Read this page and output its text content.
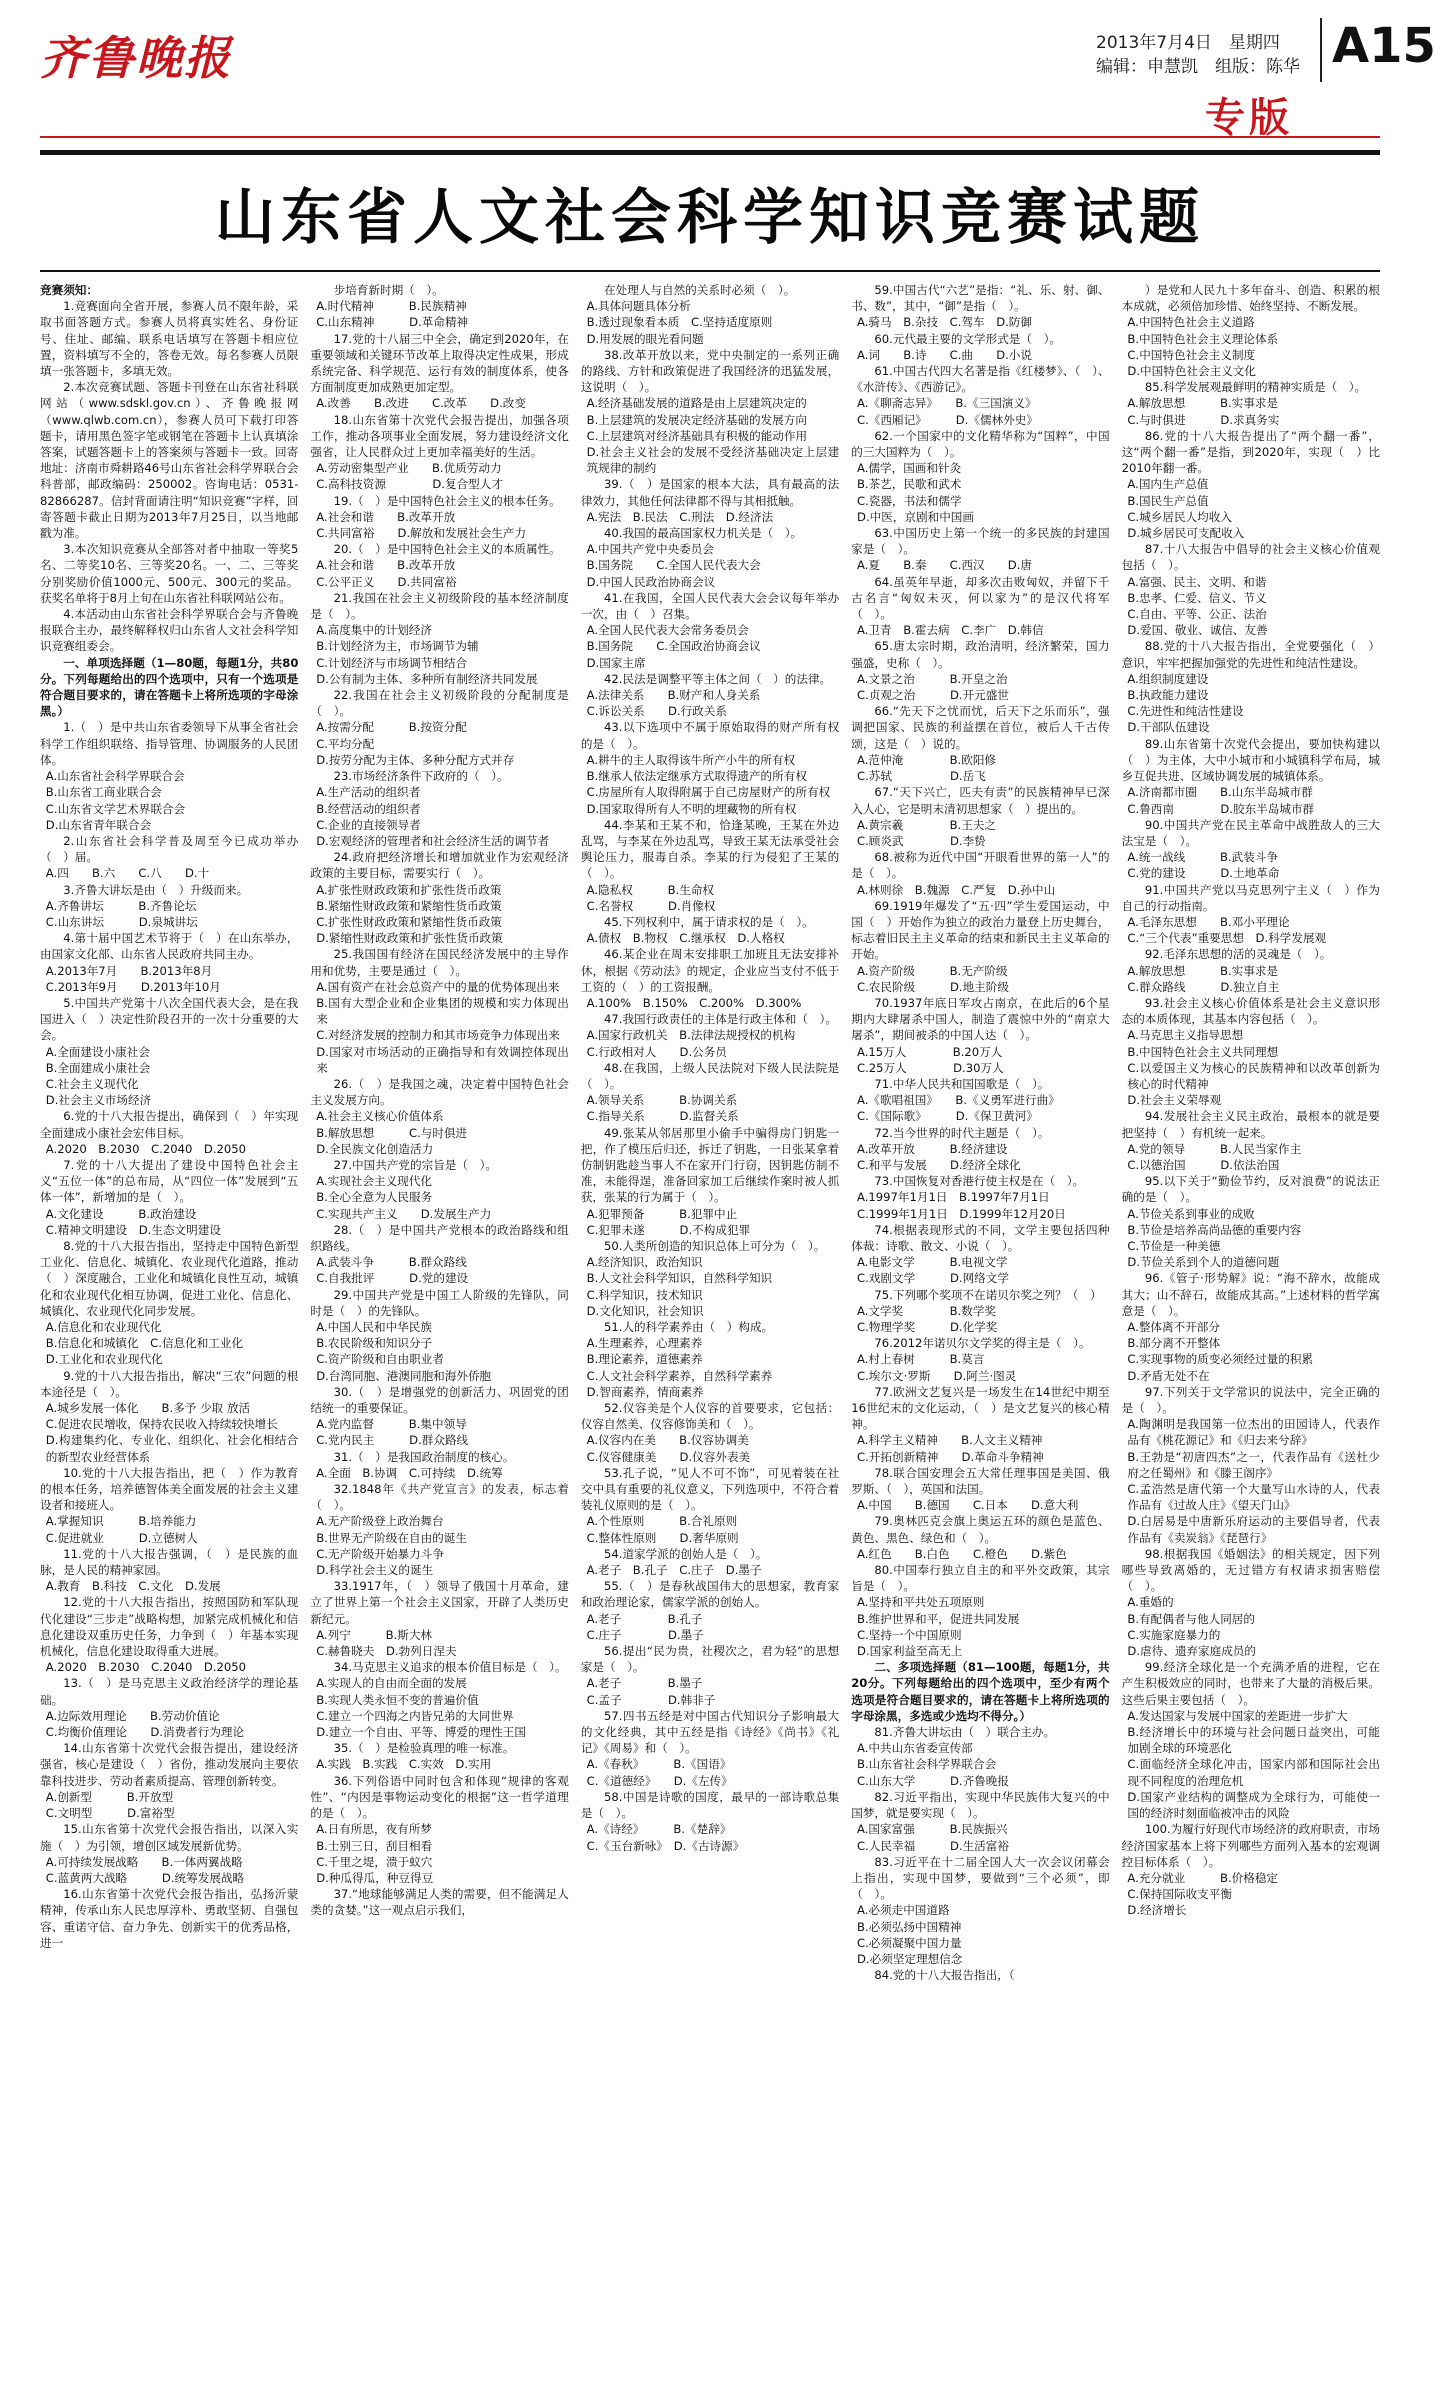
齐鲁晚报	2013年7月4日　星期四
编辑：申慧凯　组版：陈华 A15
专版
山东省人文社会科学知识竞赛试题

竞赛须知：

1.竞赛面向全省开展，参赛人员不限年龄，采取书面答题方式。参赛人员将真实姓名、身份证号、住址、邮编、联系电话填写在答题卡相应位置，资料填写不全的，答卷无效。每名参赛人员限填一张答题卡，多填无效。

2.本次竞赛试题、答题卡刊登在山东省社科联网站（www.sdskl.gov.cn）、齐鲁晚报网（www.qlwb.com.cn），参赛人员可下载打印答题卡，请用黑色签字笔或钢笔在答题卡上认真填涂答案，试题答题卡上的答案须与答题卡一致。回寄地址：济南市舜耕路46号山东省社会科学界联合会科普部，邮政编码：250002。咨询电话：0531-82866287。信封背面请注明“知识竞赛”字样，回寄答题卡截止日期为2013年7月25日，以当地邮戳为准。

3.本次知识竞赛从全部答对者中抽取一等奖5名、二等奖10名、三等奖20名。一、二、三等奖分别奖励价值1000元、500元、300元的奖品。获奖名单将于8月上旬在山东省社科联网站公布。

4.本活动由山东省社会科学界联合会与齐鲁晚报联合主办，最终解释权归山东省人文社会科学知识竞赛组委会。

一、单项选择题（1—80题，每题1分，共80分。下列每题给出的四个选项中，只有一个选项是符合题目要求的，请在答题卡上将所选项的字母涂黑。）

1.（　）是中共山东省委领导下从事全省社会科学工作组织联络、指导管理、协调服务的人民团体。

A.山东省社会科学界联合会

B.山东省工商业联合会

C.山东省文学艺术界联合会

D.山东省青年联合会

2.山东省社会科学普及周至今已成功举办（　）届。

A.四　　B.六　　C.八　　D.十

3.齐鲁大讲坛是由（　）升级而来。

A.齐鲁讲坛　　　B.齐鲁论坛

C.山东讲坛　　　D.泉城讲坛

4.第十届中国艺术节将于（　）在山东举办，由国家文化部、山东省人民政府共同主办。

A.2013年7月　　B.2013年8月

C.2013年9月　　D.2013年10月

5.中国共产党第十八次全国代表大会，是在我国进入（　）决定性阶段召开的一次十分重要的大会。

A.全面建设小康社会

B.全面建成小康社会

C.社会主义现代化

D.社会主义市场经济

6.党的十八大报告提出，确保到（　）年实现全面建成小康社会宏伟目标。

A.2020　B.2030　C.2040　D.2050

7.党的十八大提出了建设中国特色社会主义“五位一体”的总布局，从“四位一体”发展到“五体一体”，新增加的是（　）。

A.文化建设　　　B.政治建设

C.精神文明建设　D.生态文明建设

8.党的十八大报告指出，坚持走中国特色新型工业化、信息化、城镇化、农业现代化道路，推动（　）深度融合，工业化和城镇化良性互动，城镇化和农业现代化相互协调，促进工业化、信息化、城镇化、农业现代化同步发展。

A.信息化和农业现代化

B.信息化和城镇化　C.信息化和工业化

D.工业化和农业现代化

9.党的十八大报告指出，解决“三农”问题的根本途径是（　）。

A.城乡发展一体化　　B.多予 少取 放活

C.促进农民增收，保持农民收入持续较快增长

D.构建集约化、专业化、组织化、社会化相结合的新型农业经营体系

10.党的十八大报告指出，把（　）作为教育的根本任务，培养德智体美全面发展的社会主义建设者和接班人。

A.掌握知识　　　B.培养能力

C.促进就业　　　D.立德树人

11.党的十八大报告强调，（　）是民族的血脉，是人民的精神家园。

A.教育　B.科技　C.文化　D.发展

12.党的十八大报告指出，按照国防和军队现代化建设“三步走”战略构想，加紧完成机械化和信息化建设双重历史任务，力争到（　）年基本实现机械化，信息化建设取得重大进展。

A.2020　B.2030　C.2040　D.2050

13.（　）是马克思主义政治经济学的理论基础。

A.边际效用理论　　B.劳动价值论

C.均衡价值理论　　D.消费者行为理论

14.山东省第十次党代会报告提出，建设经济强省，核心是建设（　）省份，推动发展向主要依靠科技进步、劳动者素质提高、管理创新转变。

A.创新型　　　B.开放型

C.文明型　　　D.富裕型

15.山东省第十次党代会报告指出，以深入实施（　）为引领，增创区域发展新优势。

A.可持续发展战略　　B.一体两翼战略

C.蓝黄两大战略　　　D.统筹发展战略

16.山东省第十次党代会报告指出，弘扬沂蒙精神，传承山东人民忠厚淳朴、勇敢坚韧、自强包容、重诺守信、奋力争先、创新实干的优秀品格，进一

步培育新时期（　）。

A.时代精神　　　B.民族精神

C.山东精神　　　D.革命精神

17.党的十八届三中全会，确定到2020年，在重要领域和关键环节改革上取得决定性成果，形成系统完备、科学规范、运行有效的制度体系，使各方面制度更加成熟更加定型。

A.改善　　B.改进　　C.改革　　D.改变

18.山东省第十次党代会报告提出，加强各项工作，推动各项事业全面发展，努力建设经济文化强省，让人民群众过上更加幸福美好的生活。

A.劳动密集型产业　　B.优质劳动力

C.高科技资源　　　　D.复合型人才

19.（　）是中国特色社会主义的根本任务。

A.社会和谐　　B.改革开放

C.共同富裕　　D.解放和发展社会生产力

20.（　）是中国特色社会主义的本质属性。

A.社会和谐　　B.改革开放

C.公平正义　　D.共同富裕

21.我国在社会主义初级阶段的基本经济制度是（　）。

A.高度集中的计划经济

B.计划经济为主，市场调节为辅

C.计划经济与市场调节相结合

D.公有制为主体、多种所有制经济共同发展

22.我国在社会主义初级阶段的分配制度是（　）。

A.按需分配　　　B.按资分配

C.平均分配

D.按劳分配为主体、多种分配方式并存

23.市场经济条件下政府的（　）。

A.生产活动的组织者

B.经营活动的组织者

C.企业的直接领导者

D.宏观经济的管理者和社会经济生活的调节者

24.政府把经济增长和增加就业作为宏观经济政策的主要目标，需要实行（　）。

A.扩张性财政政策和扩张性货币政策

B.紧缩性财政政策和紧缩性货币政策

C.扩张性财政政策和紧缩性货币政策

D.紧缩性财政政策和扩张性货币政策

25.我国国有经济在国民经济发展中的主导作用和优势，主要是通过（　）。

A.国有资产在社会总资产中的量的优势体现出来

B.国有大型企业和企业集团的规模和实力体现出来

C.对经济发展的控制力和其市场竞争力体现出来

D.国家对市场活动的正确指导和有效调控体现出来

26.（　）是我国之魂，决定着中国特色社会主义发展方向。

A.社会主义核心价值体系

B.解放思想　　　C.与时俱进

D.全民族文化创造活力

27.中国共产党的宗旨是（　）。

A.实现社会主义现代化

B.全心全意为人民服务

C.实现共产主义　　D.发展生产力

28.（　）是中国共产党根本的政治路线和组织路线。

A.武装斗争　　　B.群众路线

C.自我批评　　　D.党的建设

29.中国共产党是中国工人阶级的先锋队，同时是（　）的先锋队。

A.中国人民和中华民族

B.农民阶级和知识分子

C.资产阶级和自由职业者

D.台湾同胞、港澳同胞和海外侨胞

30.（　）是增强党的创新活力、巩固党的团结统一的重要保证。

A.党内监督　　　B.集中领导

C.党内民主　　　D.群众路线

31.（　）是我国政治制度的核心。

A.全面　B.协调　C.可持续　D.统筹

32.1848年《共产党宣言》的发表，标志着（　）。

A.无产阶级登上政治舞台

B.世界无产阶级在自由的诞生

C.无产阶级开始暴力斗争

D.科学社会主义的诞生

33.1917年，（　）领导了俄国十月革命，建立了世界上第一个社会主义国家，开辟了人类历史新纪元。

A.列宁　　　B.斯大林

C.赫鲁晓夫　D.勃列日涅夫

34.马克思主义追求的根本价值目标是（　）。

A.实现人的自由而全面的发展

B.实现人类永恒不变的普遍价值

C.建立一个四海之内皆兄弟的大同世界

D.建立一个自由、平等、博爱的理性王国

35.（　）是检验真理的唯一标准。

A.实践　B.实践　C.实效　D.实用

36.下列俗语中同时包含和体现“规律的客观性”、“内因是事物运动变化的根据”这一哲学道理的是（　）。

A.日有所思，夜有所梦

B.士别三日，刮目相看

C.千里之堤，溃于蚁穴

D.种瓜得瓜，种豆得豆

37.“地球能够满足人类的需要，但不能满足人类的贪婪。”这一观点启示我们，

在处理人与自然的关系时必须（　）。

A.具体问题具体分析

B.透过现象看本质　C.坚持适度原则

D.用发展的眼光看问题

38.改革开放以来，党中央制定的一系列正确的路线、方针和政策促进了我国经济的迅猛发展，这说明（　）。

A.经济基础发展的道路是由上层建筑决定的

B.上层建筑的发展决定经济基础的发展方向

C.上层建筑对经济基础具有积极的能动作用

D.社会主义社会的发展不受经济基础决定上层建筑规律的制约

39.（　）是国家的根本大法，具有最高的法律效力，其他任何法律都不得与其相抵触。

A.宪法　B.民法　C.刑法　D.经济法

40.我国的最高国家权力机关是（　）。

A.中国共产党中央委员会

B.国务院　　C.全国人民代表大会

D.中国人民政治协商会议

41.在我国，全国人民代表大会会议每年举办一次，由（　）召集。

A.全国人民代表大会常务委员会

B.国务院　　C.全国政治协商会议

D.国家主席

42.民法是调整平等主体之间（　）的法律。

A.法律关系　　B.财产和人身关系

C.诉讼关系　　D.行政关系

43.以下选项中不属于原始取得的财产所有权的是（　）。

A.耕牛的主人取得该牛所产小牛的所有权

B.继承人依法定继承方式取得遗产的所有权

C.房屋所有人取得附属于自己房屋财产的所有权

D.国家取得所有人不明的埋藏物的所有权

44.李某和王某不和，恰逢某晚，王某在外边乱骂，与李某在外边乱骂，导致王某无法承受社会舆论压力，服毒自杀。李某的行为侵犯了王某的（　）。

A.隐私权　　　B.生命权

C.名誉权　　　D.肖像权

45.下列权利中，属于请求权的是（　）。

A.债权　B.物权　C.继承权　D.人格权

46.某企业在周末安排职工加班且无法安排补休，根据《劳动法》的规定，企业应当支付不低于工资的（　）的工资报酬。

A.100%　B.150%　C.200%　D.300%

47.我国行政责任的主体是行政主体和（　）。

A.国家行政机关　B.法律法规授权的机构

C.行政相对人　　D.公务员

48.在我国，上级人民法院对下级人民法院是（　）。

A.领导关系　　　B.协调关系

C.指导关系　　　D.监督关系

49.张某从邻居那里小偷手中骗得房门钥匙一把，作了模压后归还，拆迁了钥匙，一日张某拿着仿制钥匙趁当事人不在家开门行窃，因钥匙仿制不准，未能得逞，准备回家加工后继续作案时被人抓获，张某的行为属于（　）。

A.犯罪预备　　　B.犯罪中止

C.犯罪未遂　　　D.不构成犯罪

50.人类所创造的知识总体上可分为（　）。

A.经济知识，政治知识

B.人文社会科学知识，自然科学知识

C.科学知识，技术知识

D.文化知识，社会知识

51.人的科学素养由（　）构成。

A.生理素养，心理素养

B.理论素养，道德素养

C.人文社会科学素养，自然科学素养

D.智商素养，情商素养

52.仪容美是个人仪容的首要要求，它包括：仪容自然美、仪容修饰美和（　）。

A.仪容内在美　　B.仪容协调美

C.仪容健康美　　D.仪容外表美

53.孔子说，“见人不可不饰”，可见着装在社交中具有重要的礼仪意义，下列选项中，不符合着装礼仪原则的是（　）。

A.个性原则　　　B.合礼原则

C.整体性原则　　D.奢华原则

54.道家学派的创始人是（　）。

A.老子　B.孔子　C.庄子　D.墨子

55.（　）是春秋战国伟大的思想家，教育家和政治理论家，儒家学派的创始人。

A.老子　　　　B.孔子

C.庄子　　　　D.墨子

56.提出“民为贵，社稷次之，君为轻”的思想家是（　）。

A.老子　　　　B.墨子

C.孟子　　　　D.韩非子

57.四书五经是对中国古代知识分子影响最大的文化经典，其中五经是指《诗经》《尚书》《礼记》《周易》和（　）。

A.《春秋》　　　B.《国语》

C.《道德经》　　D.《左传》

58.中国是诗歌的国度，最早的一部诗歌总集是（　）。

A.《诗经》　　　B.《楚辞》

C.《玉台新咏》　D.《古诗源》

59.中国古代“六艺”是指：“礼、乐、射、御、书、数”，其中，“御”是指（　）。

A.骑马　B.杂技　C.驾车　D.防御

60.元代最主要的文学形式是（　）。

A.词　　B.诗　　C.曲　　D.小说

61.中国古代四大名著是指《红楼梦》、（　）、《水浒传》、《西游记》。

A.《聊斋志异》　　B.《三国演义》

C.《西厢记》　　　D.《儒林外史》

62.一个国家中的文化精华称为“国粹”，中国的三大国粹为（　）。

A.儒学，国画和针灸

B.茶艺，民歌和武术

C.瓷器，书法和儒学

D.中医，京剧和中国画

63.中国历史上第一个统一的多民族的封建国家是（　）。

A.夏　　B.秦　　C.西汉　　D.唐

64.虽英年早逝，却多次击败匈奴，并留下千古名言“匈奴未灭，何以家为”的是汉代将军（　）。

A.卫青　B.霍去病　C.李广　D.韩信

65.唐太宗时期，政治清明，经济繁荣，国力强盛，史称（　）。

A.文景之治　　　B.开皇之治

C.贞观之治　　　D.开元盛世

66.“先天下之忧而忧，后天下之乐而乐”，强调把国家、民族的利益摆在首位，被后人千古传颂，这是（　）说的。

A.范仲淹　　　　B.欧阳修

C.苏轼　　　　　D.岳飞

67.“天下兴亡，匹夫有责”的民族精神早已深入人心，它是明末清初思想家（　）提出的。

A.黄宗羲　　　　B.王夫之

C.顾炎武　　　　D.李贽

68.被称为近代中国“开眼看世界的第一人”的是（　）。

A.林则徐　B.魏源　C.严复　D.孙中山

69.1919年爆发了“五·四”学生爱国运动，中国（　）开始作为独立的政治力量登上历史舞台，标志着旧民主主义革命的结束和新民主主义革命的开始。

A.资产阶级　　　B.无产阶级

C.农民阶级　　　D.地主阶级

70.1937年底日军攻占南京，在此后的6个星期内大肆屠杀中国人，制造了震惊中外的“南京大屠杀”，期间被杀的中国人达（　）。

A.15万人　　　　B.20万人

C.25万人　　　　D.30万人

71.中华人民共和国国歌是（　）。

A.《歌唱祖国》　　B.《义勇军进行曲》

C.《国际歌》　　　D.《保卫黄河》

72.当今世界的时代主题是（　）。

A.改革开放　　　B.经济建设

C.和平与发展　　D.经济全球化

73.中国恢复对香港行使主权是在（　）。

A.1997年1月1日　B.1997年7月1日

C.1999年1月1日　D.1999年12月20日

74.根据表现形式的不同，文学主要包括四种体裁：诗歌、散文、小说（　）。

A.电影文学　　　B.电视文学

C.戏剧文学　　　D.网络文学

75.下列哪个奖项不在诺贝尔奖之列？（　）

A.文学奖　　　　B.数学奖

C.物理学奖　　　D.化学奖

76.2012年诺贝尔文学奖的得主是（　）。

A.村上春树　　　B.莫言

C.埃尔文·罗斯　　D.阿兰·图灵

77.欧洲文艺复兴是一场发生在14世纪中期至16世纪末的文化运动，（　）是文艺复兴的核心精神。

A.科学主义精神　　B.人文主义精神

C.开拓创新精神　　D.革命斗争精神

78.联合国安理会五大常任理事国是美国、俄罗斯、（　），英国和法国。

A.中国　　B.德国　　C.日本　　D.意大利

79.奥林匹克会旗上奥运五环的颜色是蓝色、黄色、黑色、绿色和（　）。

A.红色　　B.白色　　C.橙色　　D.紫色

80.中国奉行独立自主的和平外交政策，其宗旨是（　）。

A.坚持和平共处五项原则

B.维护世界和平，促进共同发展

C.坚持一个中国原则

D.国家利益至高无上

二、多项选择题（81—100题，每题1分，共20分。下列每题给出的四个选项中，至少有两个选项是符合题目要求的，请在答题卡上将所选项的字母涂黑，多选或少选均不得分。）

81.齐鲁大讲坛由（　）联合主办。

A.中共山东省委宣传部

B.山东省社会科学界联合会

C.山东大学　　　D.齐鲁晚报

82.习近平指出，实现中华民族伟大复兴的中国梦，就是要实现（　）。

A.国家富强　　　B.民族振兴

C.人民幸福　　　D.生活富裕

83.习近平在十二届全国人大一次会议闭幕会上指出，实现中国梦，要做到“三个必须”，即（　）。

A.必须走中国道路

B.必须弘扬中国精神

C.必须凝聚中国力量

D.必须坚定理想信念

84.党的十八大报告指出，（　

）是党和人民九十多年奋斗、创造、积累的根本成就，必须倍加珍惜、始终坚持、不断发展。

A.中国特色社会主义道路

B.中国特色社会主义理论体系

C.中国特色社会主义制度

D.中国特色社会主义文化

85.科学发展观最鲜明的精神实质是（　）。

A.解放思想　　　B.实事求是

C.与时俱进　　　D.求真务实

86.党的十八大报告提出了“两个翻一番”，这“两个翻一番”是指，到2020年，实现（　）比2010年翻一番。

A.国内生产总值

B.国民生产总值

C.城乡居民人均收入

D.城乡居民可支配收入

87.十八大报告中倡导的社会主义核心价值观包括（　）。

A.富强、民主、文明、和谐

B.忠孝、仁爱、信义、节义

C.自由、平等、公正、法治

D.爱国、敬业、诚信、友善

88.党的十八大报告指出，全党要强化（　）意识，牢牢把握加强党的先进性和纯洁性建设。

A.组织制度建设

B.执政能力建设

C.先进性和纯洁性建设

D.干部队伍建设

89.山东省第十次党代会提出，要加快构建以（　）为主体，大中小城市和小城镇科学布局，城乡互促共进、区域协调发展的城镇体系。

A.济南都市圈　　B.山东半岛城市群

C.鲁西南　　　　D.胶东半岛城市群

90.中国共产党在民主革命中战胜敌人的三大法宝是（　）。

A.统一战线　　　B.武装斗争

C.党的建设　　　D.土地革命

91.中国共产党以马克思列宁主义（　）作为自己的行动指南。

A.毛泽东思想　　B.邓小平理论

C.“三个代表”重要思想　D.科学发展观

92.毛泽东思想的活的灵魂是（　）。

A.解放思想　　　B.实事求是

C.群众路线　　　D.独立自主

93.社会主义核心价值体系是社会主义意识形态的本质体现，其基本内容包括（　）。

A.马克思主义指导思想

B.中国特色社会主义共同理想

C.以爱国主义为核心的民族精神和以改革创新为核心的时代精神

D.社会主义荣辱观

94.发展社会主义民主政治，最根本的就是要把坚持（　）有机统一起来。

A.党的领导　　　B.人民当家作主

C.以德治国　　　D.依法治国

95.以下关于“勤俭节约，反对浪费”的说法正确的是（　）。

A.节俭关系到事业的成败

B.节俭是培养高尚品德的重要内容

C.节俭是一种美德

D.节俭关系到个人的道德问题

96.《管子·形势解》说：“海不辞水，故能成其大；山不辞石，故能成其高。”上述材料的哲学寓意是（　）。

A.整体离不开部分

B.部分离不开整体

C.实现事物的质变必须经过量的积累

D.矛盾无处不在

97.下列关于文学常识的说法中，完全正确的是（　）。

A.陶渊明是我国第一位杰出的田园诗人，代表作品有《桃花源记》和《归去来兮辞》

B.王勃是“初唐四杰”之一，代表作品有《送杜少府之任蜀州》和《滕王阁序》

C.孟浩然是唐代第一个大量写山水诗的人，代表作品有《过故人庄》《望天门山》

D.白居易是中唐新乐府运动的主要倡导者，代表作品有《卖炭翁》《琵琶行》

98.根据我国《婚姻法》的相关规定，因下列哪些导致离婚的，无过错方有权请求损害赔偿（　）。

A.重婚的

B.有配偶者与他人同居的

C.实施家庭暴力的

D.虐待、遗弃家庭成员的

99.经济全球化是一个充满矛盾的进程，它在产生积极效应的同时，也带来了大量的消极后果。这些后果主要包括（　）。

A.发达国家与发展中国家的差距进一步扩大

B.经济增长中的环境与社会问题日益突出，可能加剧全球的环境恶化

C.面临经济全球化冲击，国家内部和国际社会出现不同程度的治理危机

D.国家产业结构的调整成为全球行为，可能使一国的经济时刻面临被冲击的风险

100.为履行好现代市场经济的政府职责，市场经济国家基本上将下列哪些方面列入基本的宏观调控目标体系（　）。

A.充分就业　　　B.价格稳定

C.保持国际收支平衡

D.经济增长
